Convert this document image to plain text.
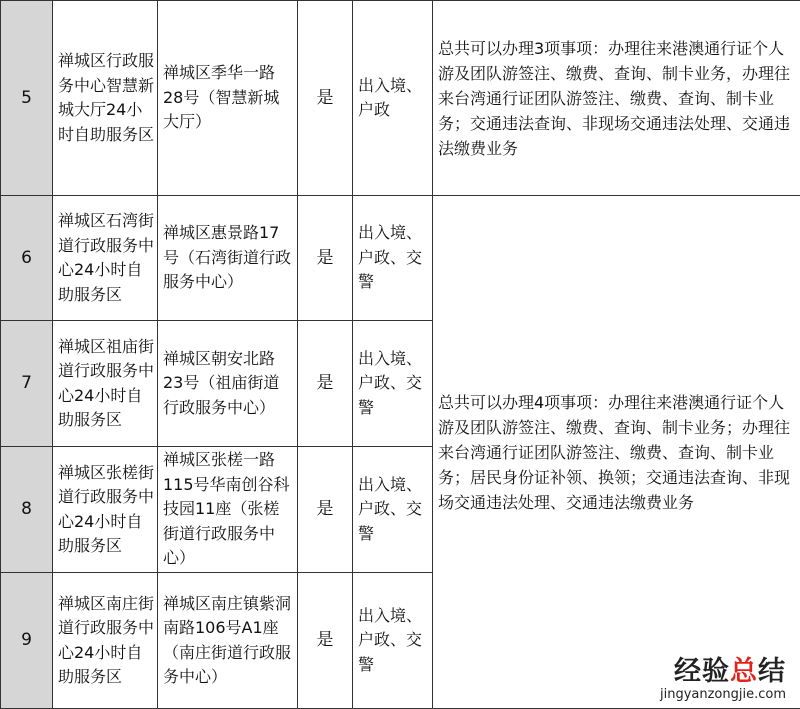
5	禅城区行政服务中心智慧新城大厅24小时自助服务区	禅城区季华一路28号（智慧新城大厅）	是	出入境、户政	总共可以办理3项事项：办理往来港澳通行证个人游及团队游签注、缴费、查询、制卡业务，办理往来台湾通行证团队游签注、缴费、查询、制卡业务；交通违法查询、非现场交通违法处理、交通违法缴费业务
6	禅城区石湾街道行政服务中心24小时自助服务区	禅城区惠景路17号（石湾街道行政服务中心）	是	出入境、户政、交警	总共可以办理4项事项：办理往来港澳通行证个人游及团队游签注、缴费、查询、制卡业务；办理往来台湾通行证团队游签注、缴费、查询、制卡业务；居民身份证补领、换领；交通违法查询、非现场交通违法处理、交通违法缴费业务
7	禅城区祖庙街道行政服务中心24小时自助服务区	禅城区朝安北路23号（祖庙街道行政服务中心）	是	出入境、户政、交警	
8	禅城区张槎街道行政服务中心24小时自助服务区	禅城区张槎一路115号华南创谷科技园11座（张槎街道行政服务中心）	是	出入境、户政、交警	
9	禅城区南庄街道行政服务中心24小时自助服务区	禅城区南庄镇紫洞南路106号A1座（南庄街道行政服务中心）	是	出入境、户政、交警		经验总结
jingyanzongjie.com
